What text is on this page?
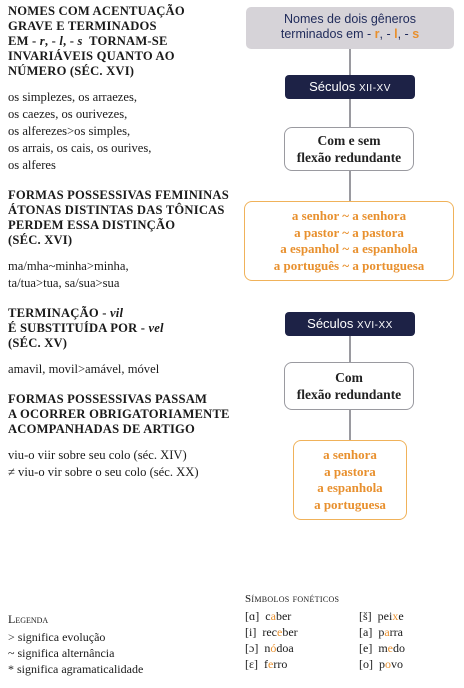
NOMES COM ACENTUAÇÃO
GRAVE E TERMINADOS
EM - r, - l, - s  TORNAM-SE
INVARIÁVEIS QUANTO AO
NÚMERO (SÉC. XVI)
os simplezes, os arraezes,
os caezes, os ourivezes,
os alferezes>os simples,
os arrais, os cais, os ourives,
os alferes
FORMAS POSSESSIVAS FEMININAS
ÁTONAS DISTINTAS DAS TÔNICAS
PERDEM ESSA DISTINÇÃO
(SÉC. XVI)
ma/mha~minha>minha,
ta/tua>tua, sa/sua>sua
TERMINAÇÃO - vil
É SUBSTITUÍDA POR - vel
(SÉC. XV)
amavil, movil>amável, móvel
FORMAS POSSESSIVAS PASSAM
A OCORRER OBRIGATORIAMENTE
ACOMPANHADAS DE ARTIGO
viu-o viir sobre seu colo (séc. XIV)
≠ viu-o vir sobre o seu colo (séc. XX)
Nomes de dois gêneros
terminados em - r, - l, - s
Séculos XII-XV
Com e sem
flexão redundante
a senhor ~ a senhora
a pastor ~ a pastora
a espanhol ~ a espanhola
a português ~ a portuguesa
Séculos XVI-XX
Com
flexão redundante
a senhora
a pastora
a espanhola
a portuguesa
Legenda
> significa evolução
~ significa alternância
* significa agramaticalidade
Símbolos fonéticos
[ɑ] caber
[i] receber
[ɔ] nódoa
[ɛ] ferro
[š] peixe
[a] parra
[e] medo
[o] povo
